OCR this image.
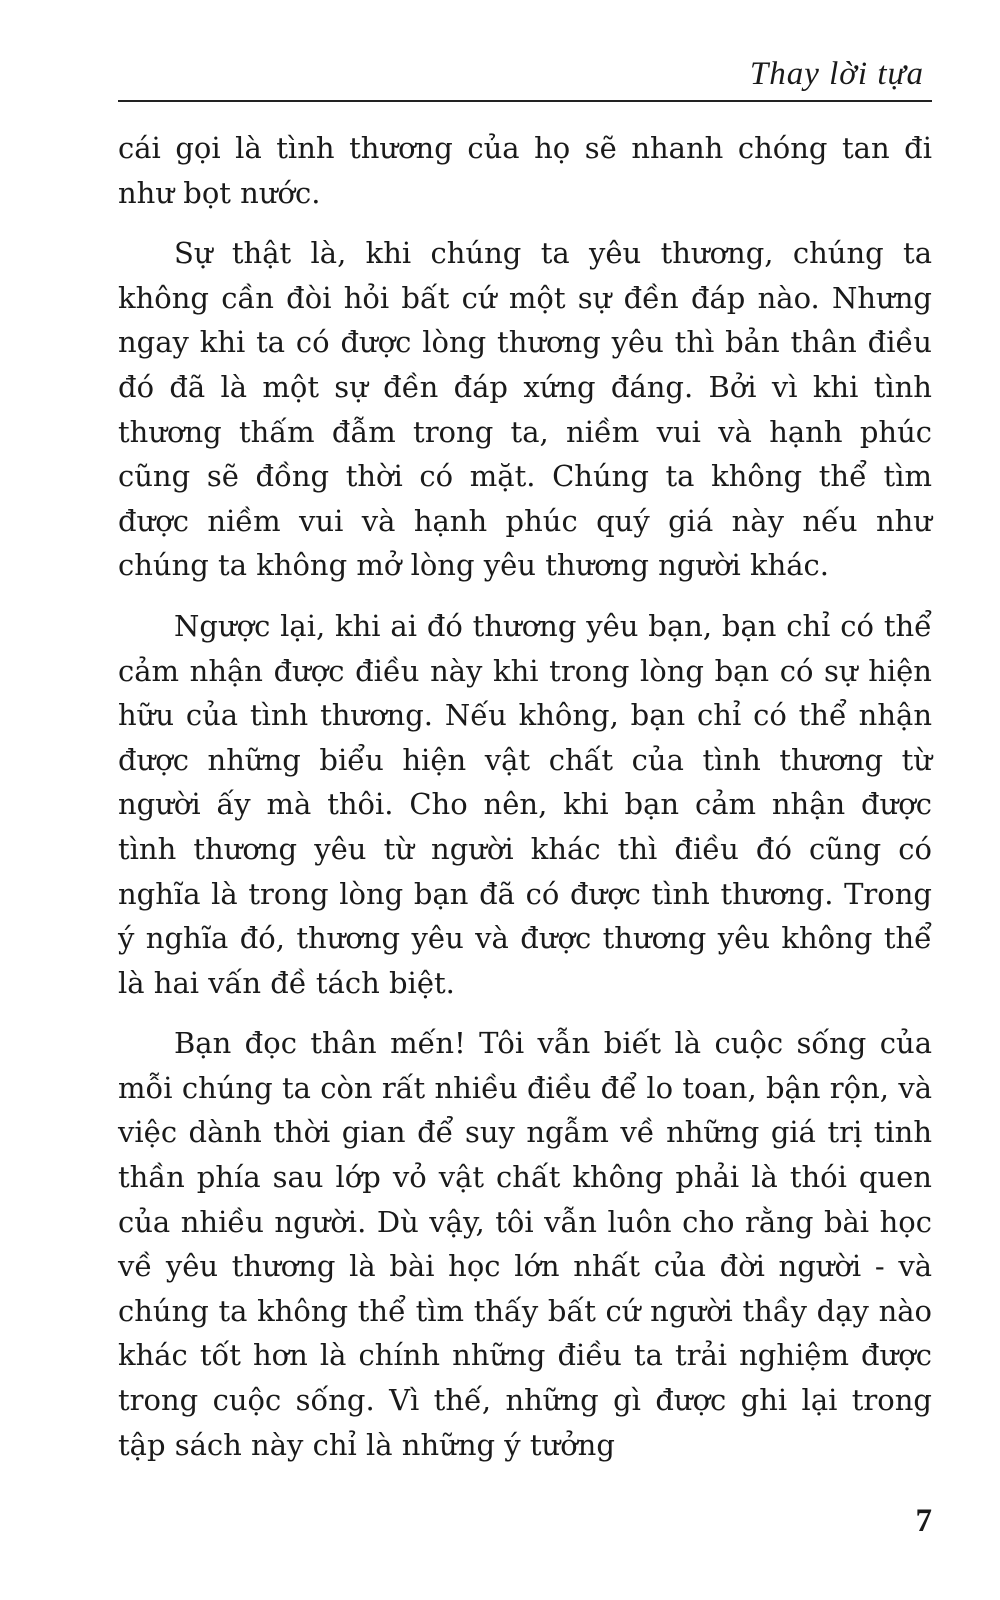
Thay lời tựa

cái gọi là tình thương của họ sẽ nhanh chóng tan đi như bọt nước.

Sự thật là, khi chúng ta yêu thương, chúng ta không cần đòi hỏi bất cứ một sự đền đáp nào. Nhưng ngay khi ta có được lòng thương yêu thì bản thân điều đó đã là một sự đền đáp xứng đáng. Bởi vì khi tình thương thấm đẫm trong ta, niềm vui và hạnh phúc cũng sẽ đồng thời có mặt. Chúng ta không thể tìm được niềm vui và hạnh phúc quý giá này nếu như chúng ta không mở lòng yêu thương người khác.

Ngược lại, khi ai đó thương yêu bạn, bạn chỉ có thể cảm nhận được điều này khi trong lòng bạn có sự hiện hữu của tình thương. Nếu không, bạn chỉ có thể nhận được những biểu hiện vật chất của tình thương từ người ấy mà thôi. Cho nên, khi bạn cảm nhận được tình thương yêu từ người khác thì điều đó cũng có nghĩa là trong lòng bạn đã có được tình thương. Trong ý nghĩa đó, thương yêu và được thương yêu không thể là hai vấn đề tách biệt.

Bạn đọc thân mến! Tôi vẫn biết là cuộc sống của mỗi chúng ta còn rất nhiều điều để lo toan, bận rộn, và việc dành thời gian để suy ngẫm về những giá trị tinh thần phía sau lớp vỏ vật chất không phải là thói quen của nhiều người. Dù vậy, tôi vẫn luôn cho rằng bài học về yêu thương là bài học lớn nhất của đời người - và chúng ta không thể tìm thấy bất cứ người thầy dạy nào khác tốt hơn là chính những điều ta trải nghiệm được trong cuộc sống. Vì thế, những gì được ghi lại trong tập sách này chỉ là những ý tưởng

7
